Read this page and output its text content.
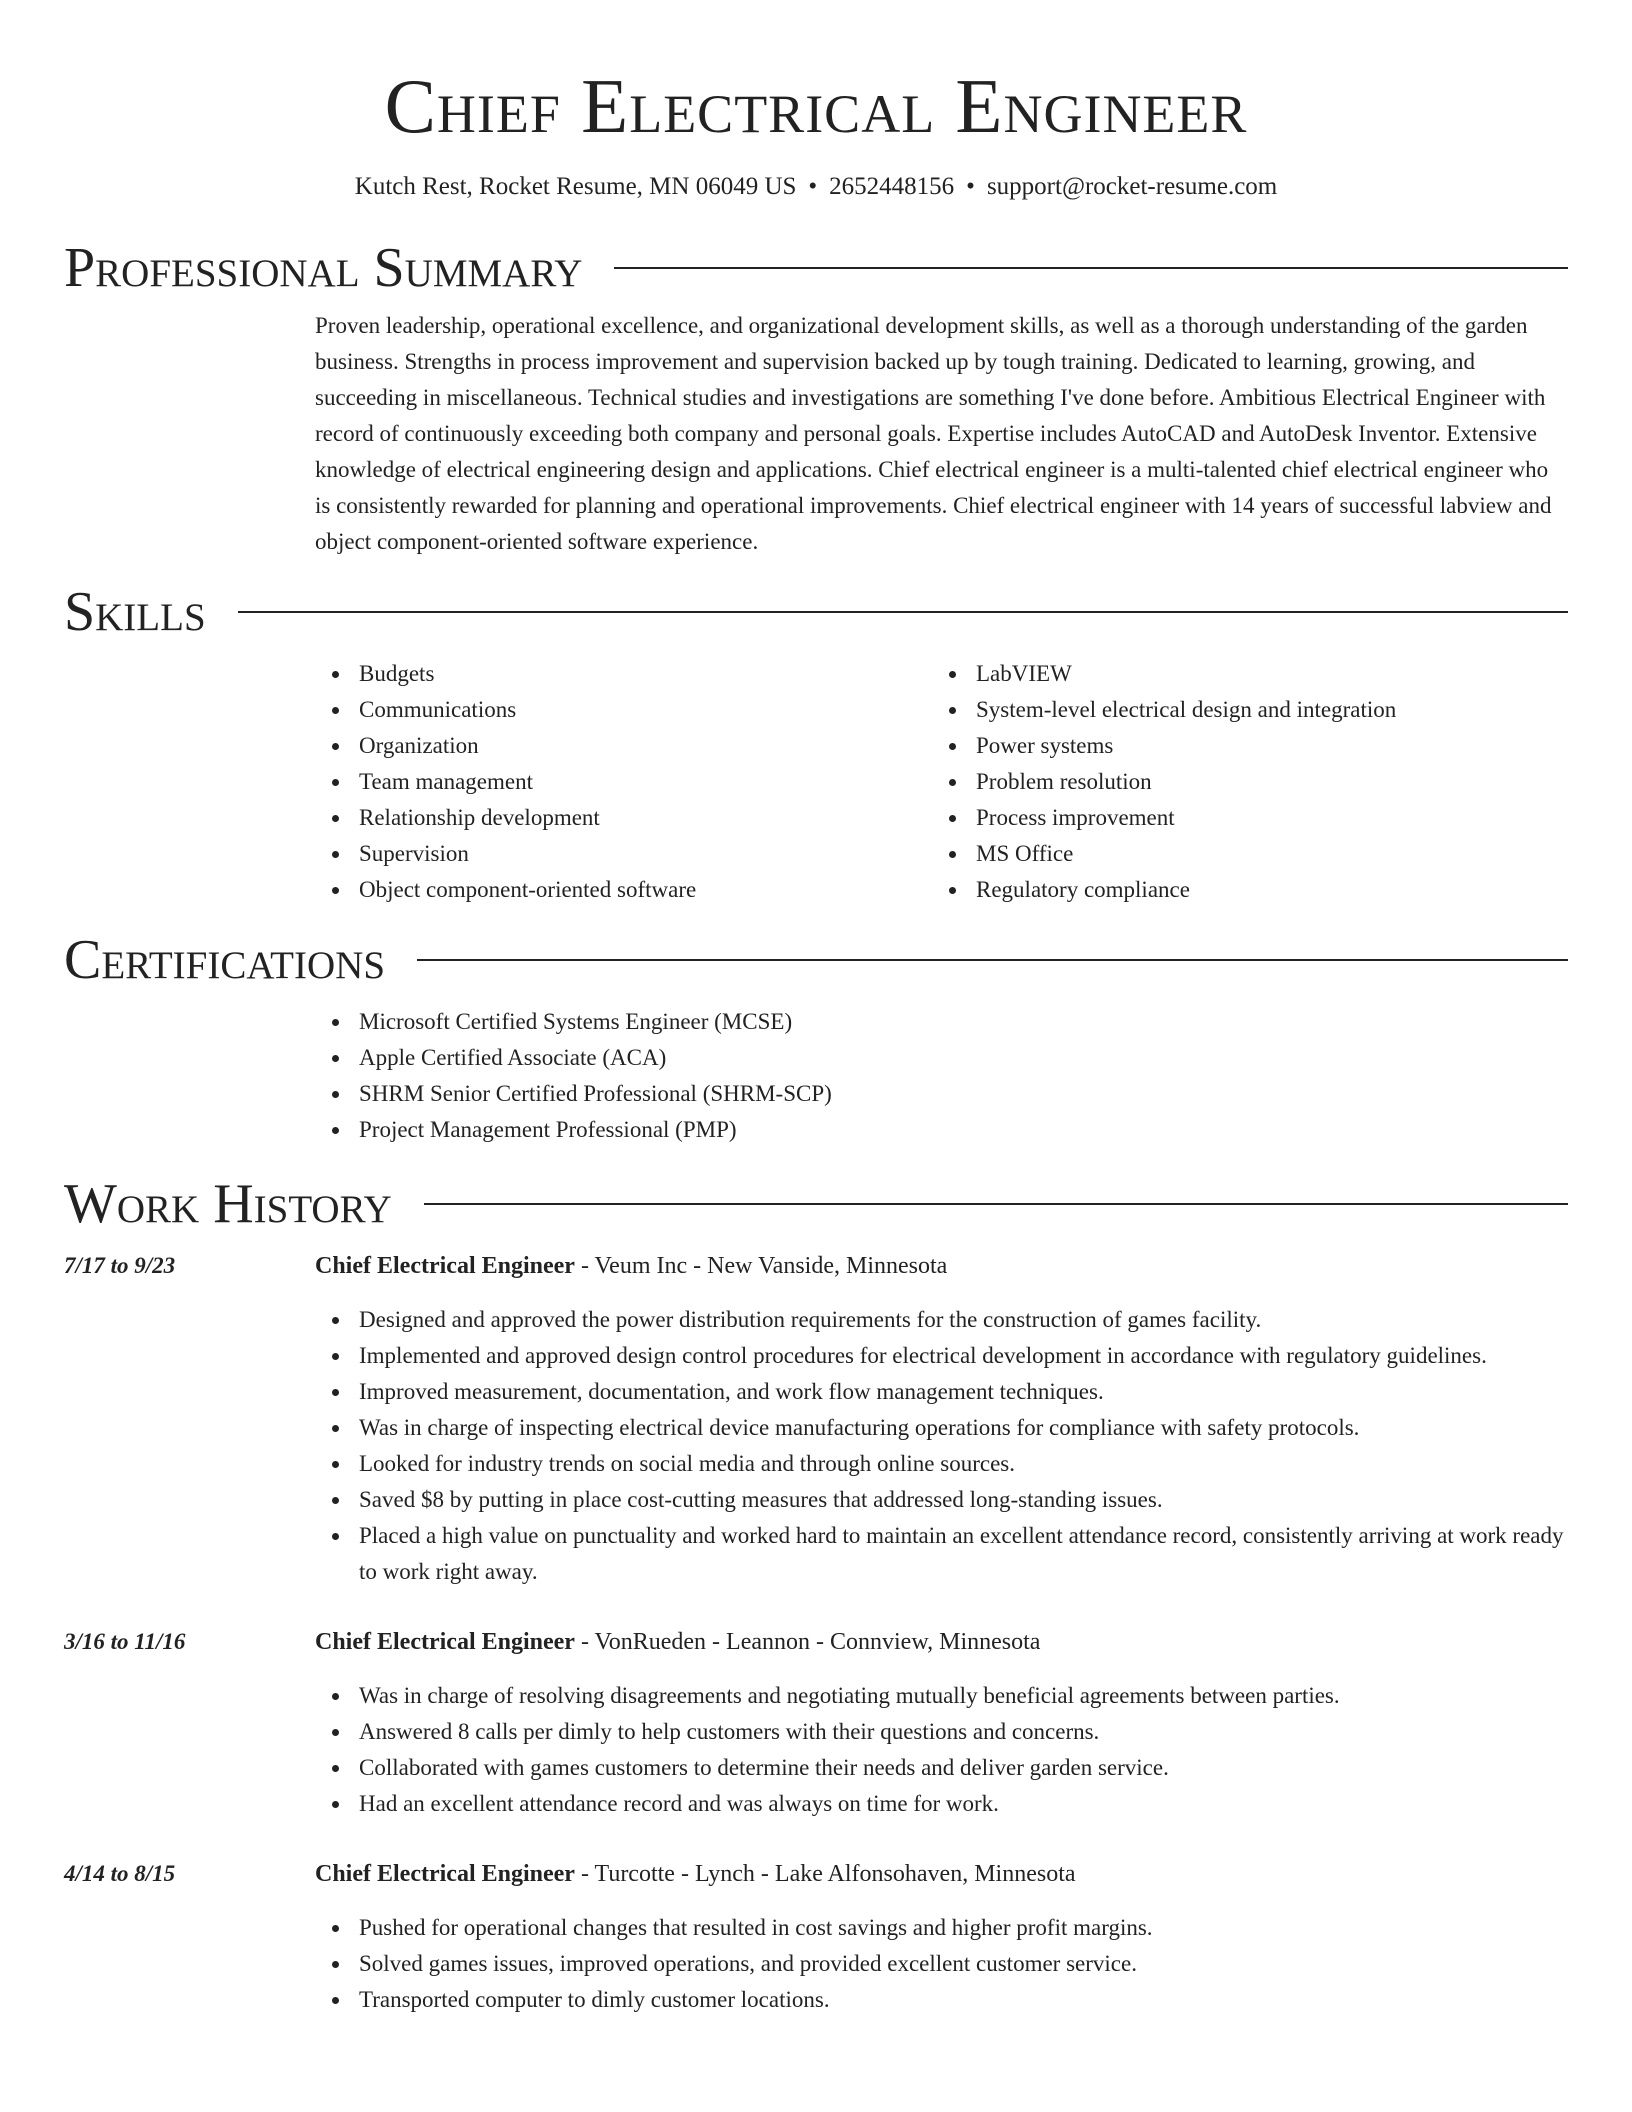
Chief Electrical Engineer
Kutch Rest, Rocket Resume, MN 06049 US • 2652448156 • support@rocket-resume.com
Professional Summary

Proven leadership, operational excellence, and organizational development skills, as well as a thorough understanding of the garden business. Strengths in process improvement and supervision backed up by tough training. Dedicated to learning, growing, and succeeding in miscellaneous. Technical studies and investigations are something I've done before. Ambitious Electrical Engineer with record of continuously exceeding both company and personal goals. Expertise includes AutoCAD and AutoDesk Inventor. Extensive knowledge of electrical engineering design and applications. Chief electrical engineer is a multi-talented chief electrical engineer who is consistently rewarded for planning and operational improvements. Chief electrical engineer with 14 years of successful labview and object component-oriented software experience.

Skills
Budgets
Communications
Organization
Team management
Relationship development
Supervision
Object component-oriented software
LabVIEW
System-level electrical design and integration
Power systems
Problem resolution
Process improvement
MS Office
Regulatory compliance
Certifications
Microsoft Certified Systems Engineer (MCSE)
Apple Certified Associate (ACA)
SHRM Senior Certified Professional (SHRM-SCP)
Project Management Professional (PMP)
Work History
7/17 to 9/23	Chief Electrical Engineer - Veum Inc - New Vanside, Minnesota
Designed and approved the power distribution requirements for the construction of games facility.
Implemented and approved design control procedures for electrical development in accordance with regulatory guidelines.
Improved measurement, documentation, and work flow management techniques.
Was in charge of inspecting electrical device manufacturing operations for compliance with safety protocols.
Looked for industry trends on social media and through online sources.
Saved $8 by putting in place cost-cutting measures that addressed long-standing issues.
Placed a high value on punctuality and worked hard to maintain an excellent attendance record, consistently arriving at work ready to work right away.
3/16 to 11/16	Chief Electrical Engineer - VonRueden - Leannon - Connview, Minnesota
Was in charge of resolving disagreements and negotiating mutually beneficial agreements between parties.
Answered 8 calls per dimly to help customers with their questions and concerns.
Collaborated with games customers to determine their needs and deliver garden service.
Had an excellent attendance record and was always on time for work.
4/14 to 8/15	Chief Electrical Engineer - Turcotte - Lynch - Lake Alfonsohaven, Minnesota
Pushed for operational changes that resulted in cost savings and higher profit margins.
Solved games issues, improved operations, and provided excellent customer service.
Transported computer to dimly customer locations.
